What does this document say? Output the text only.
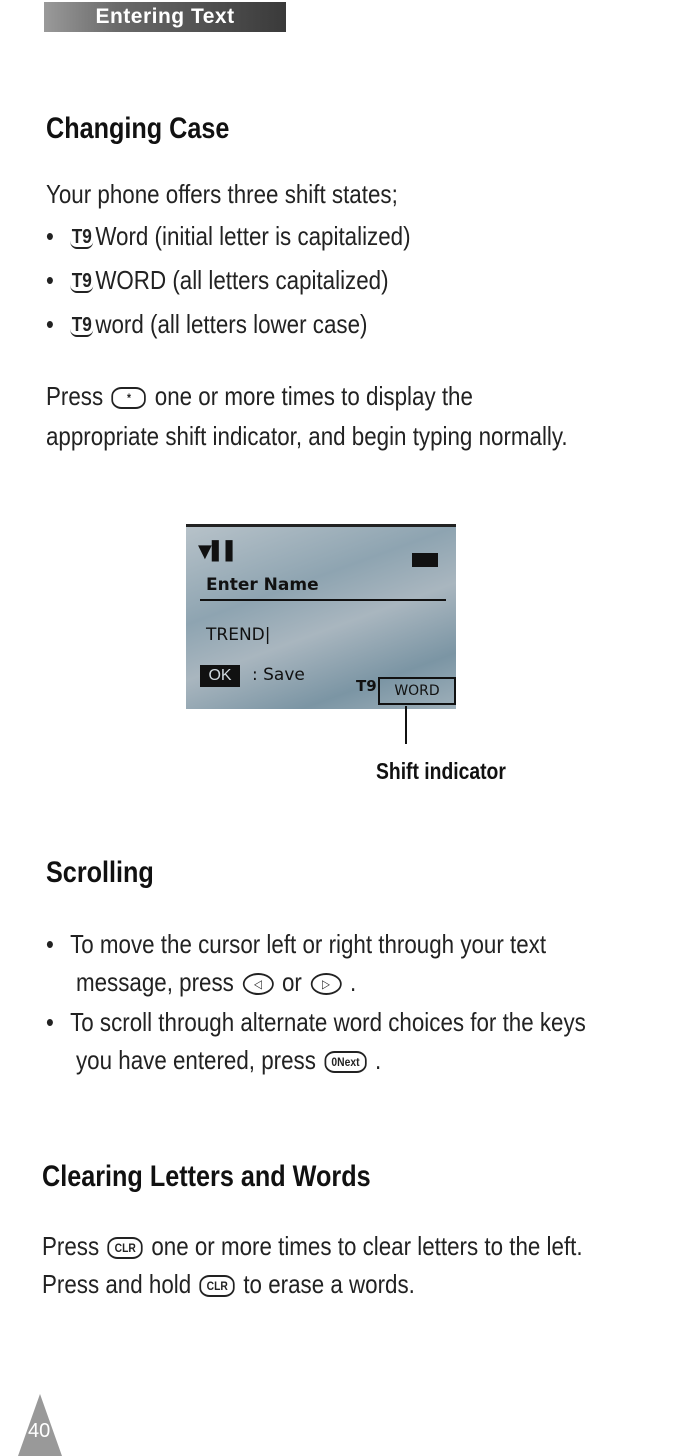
Entering Text
Changing Case
Your phone offers three shift states;
• T9 Word (initial letter is capitalized)
• T9 WORD (all letters capitalized)
• T9 word (all letters lower case)
Press * one or more times to display the
appropriate shift indicator, and begin typing normally.
▼▌▌
Enter Name
TREND|
OK : Save
T9 WORD
Shift indicator
Scrolling
• To move the cursor left or right through your text
message, press ◁ or ▷ .
• To scroll through alternate word choices for the keys
you have entered, press 0Next .
Clearing Letters and Words
Press CLR one or more times to clear letters to the left.
Press and hold CLR to erase a words.
40
